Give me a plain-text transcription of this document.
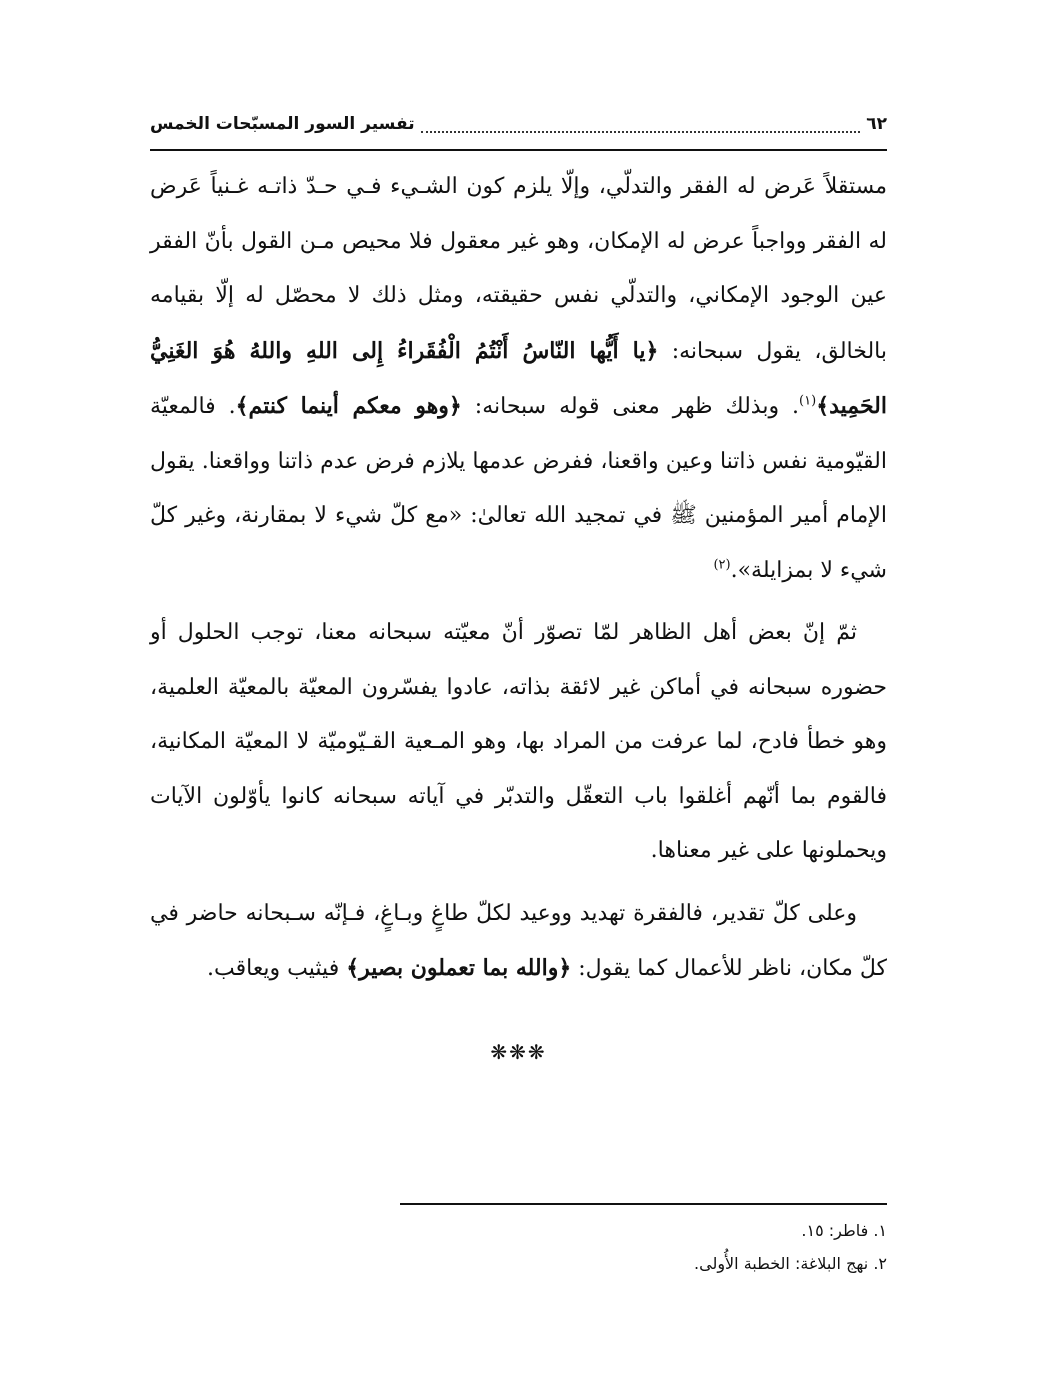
٦٢
تفسير السور المسبّحات الخمس

مستقلاً عَرض له الفقر والتدلّي، وإلّا يلزم كون الشـيء فـي حـدّ ذاتـه غـنياً عَرض له الفقر وواجباً عرض له الإمكان، وهو غير معقول فلا محيص مـن القول بأنّ الفقر عين الوجود الإمكاني، والتدلّي نفس حقيقته، ومثل ذلك لا محصّل له إلّا بقيامه بالخالق، يقول سبحانه: ﴿يا أَيُّها النّاسُ أَنْتُمُ الْفُقَراءُ إِلى اللهِ واللهُ هُوَ الغَنِيُّ الحَمِيد﴾$^{(١)}$. وبذلك ظهر معنى قوله سبحانه: ﴿وهو معكم أينما كنتم﴾. فالمعيّة القيّومية نفس ذاتنا وعين واقعنا، ففرض عدمها يلازم فرض عدم ذاتنا وواقعنا. يقول الإمام أمير المؤمنين ﷺ في تمجيد الله تعالىٰ: «مع كلّ شيء لا بمقارنة، وغير كلّ شيء لا بمزايلة».$^{(٢)}$

ثمّ إنّ بعض أهل الظاهر لمّا تصوّر أنّ معيّته سبحانه معنا، توجب الحلول أو حضوره سبحانه في أماكن غير لائقة بذاته، عادوا يفسّرون المعيّة بالمعيّة العلمية، وهو خطأ فادح، لما عرفت من المراد بها، وهو المـعية القـيّوميّة لا المعيّة المكانية، فالقوم بما أنّهم أغلقوا باب التعقّل والتدبّر في آياته سبحانه كانوا يأوّلون الآيات ويحملونها على غير معناها.

وعلى كلّ تقدير، فالفقرة تهديد ووعيد لكلّ طاغٍ وبـاغٍ، فـإنّه سـبحانه حاضر في كلّ مكان، ناظر للأعمال كما يقول: ﴿والله بما تعملون بصير﴾ فيثيب ويعاقب.

❋❋❋
١. فاطر: ١٥.
٢. نهج البلاغة: الخطبة الأُولى.
